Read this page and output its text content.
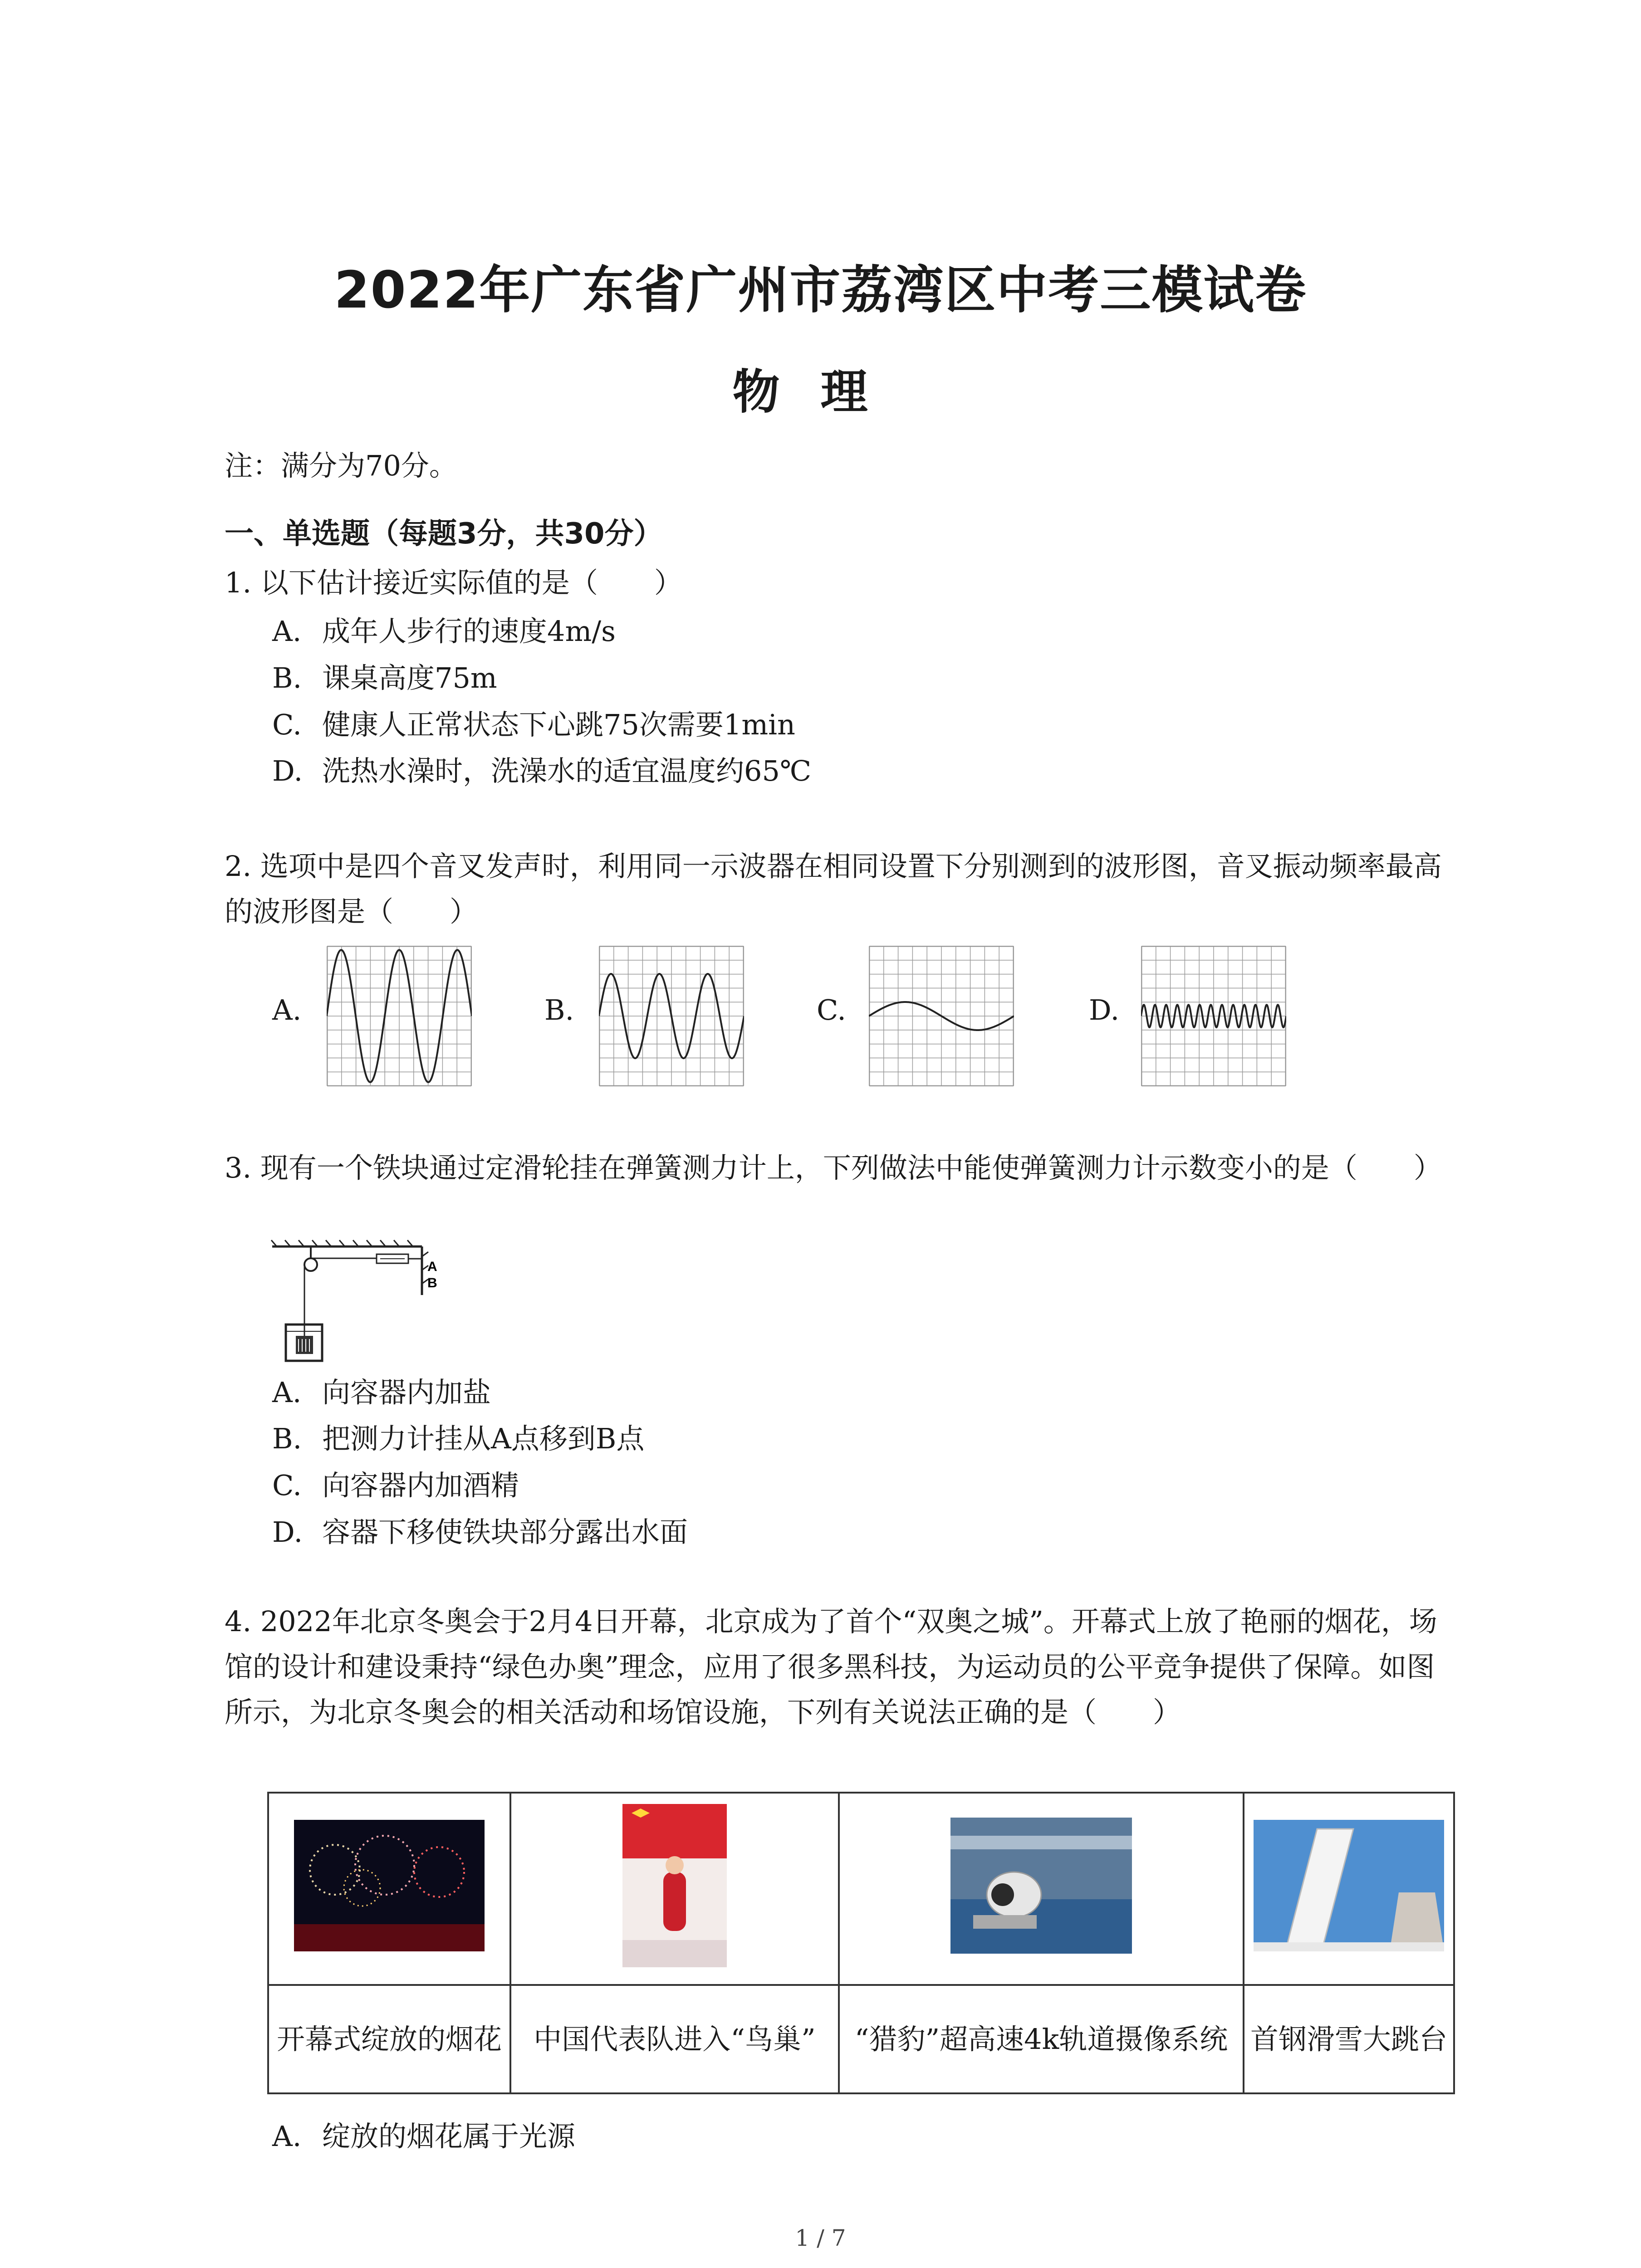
2022年广东省广州市荔湾区中考三模试卷
物理
注：满分为70分。
一、单选题（每题3分，共30分）
1. 以下估计接近实际值的是（　　）
A. 成年人步行的速度4m/s
B. 课桌高度75m
C. 健康人正常状态下心跳75次需要1min
D. 洗热水澡时，洗澡水的适宜温度约65℃
2. 选项中是四个音叉发声时，利用同一示波器在相同设置下分别测到的波形图，音叉振动频率最高的波形图是（　　）
A.	B.	C.	D.
3. 现有一个铁块通过定滑轮挂在弹簧测力计上，下列做法中能使弹簧测力计示数变小的是（　　）
A
B
A. 向容器内加盐
B. 把测力计挂从A点移到B点
C. 向容器内加酒精
D. 容器下移使铁块部分露出水面
4. 2022年北京冬奥会于2月4日开幕，北京成为了首个“双奥之城”。开幕式上放了艳丽的烟花，场馆的设计和建设秉持“绿色办奥”理念，应用了很多黑科技，为运动员的公平竞争提供了保障。如图所示，为北京冬奥会的相关活动和场馆设施，下列有关说法正确的是（　　）

开幕式绽放的烟花	中国代表队进入“鸟巢”	“猎豹”超高速4k轨道摄像系统	首钢滑雪大跳台
A. 绽放的烟花属于光源
1 / 7
